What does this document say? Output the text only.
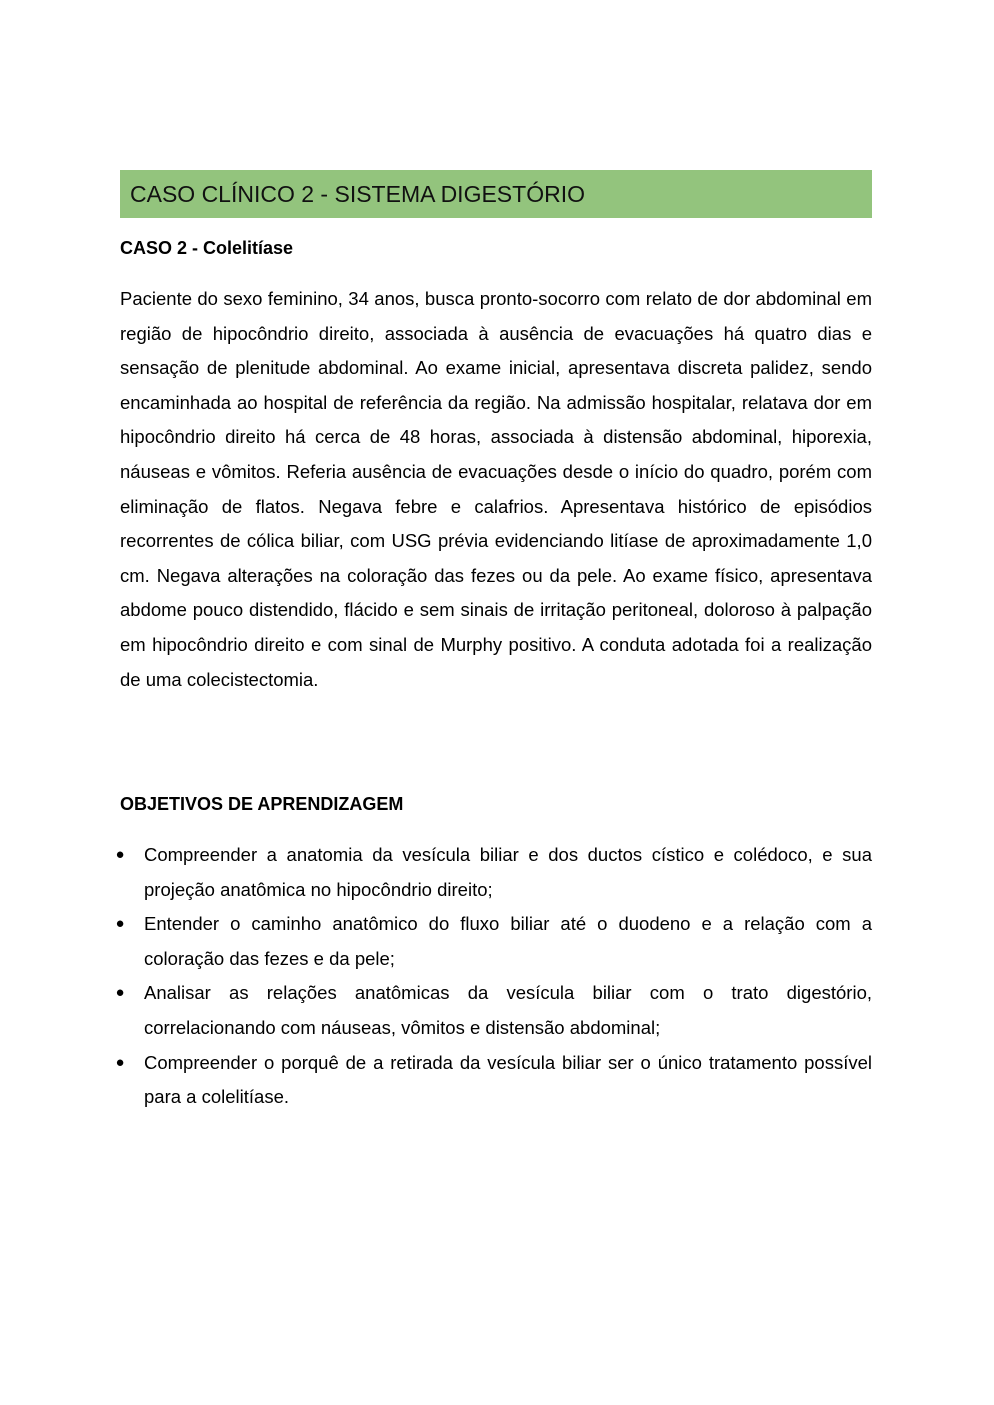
CASO CLÍNICO 2 - SISTEMA DIGESTÓRIO
CASO 2 - Colelitíase

Paciente do sexo feminino, 34 anos, busca pronto-socorro com relato de dor abdominal em região de hipocôndrio direito, associada à ausência de evacuações há quatro dias e sensação de plenitude abdominal. Ao exame inicial, apresentava discreta palidez, sendo encaminhada ao hospital de referência da região. Na admissão hospitalar, relatava dor em hipocôndrio direito há cerca de 48 horas, associada à distensão abdominal, hiporexia, náuseas e vômitos. Referia ausência de evacuações desde o início do quadro, porém com eliminação de flatos. Negava febre e calafrios. Apresentava histórico de episódios recorrentes de cólica biliar, com USG prévia evidenciando litíase de aproximadamente 1,0 cm. Negava alterações na coloração das fezes ou da pele. Ao exame físico, apresentava abdome pouco distendido, flácido e sem sinais de irritação peritoneal, doloroso à palpação em hipocôndrio direito e com sinal de Murphy positivo. A conduta adotada foi a realização de uma colecistectomia.

OBJETIVOS DE APRENDIZAGEM
● Compreender a anatomia da vesícula biliar e dos ductos cístico e colédoco, e sua projeção anatômica no hipocôndrio direito;
● Entender o caminho anatômico do fluxo biliar até o duodeno e a relação com a coloração das fezes e da pele;
● Analisar as relações anatômicas da vesícula biliar com o trato digestório, correlacionando com náuseas, vômitos e distensão abdominal;
● Compreender o porquê de a retirada da vesícula biliar ser o único tratamento possível para a colelitíase.
